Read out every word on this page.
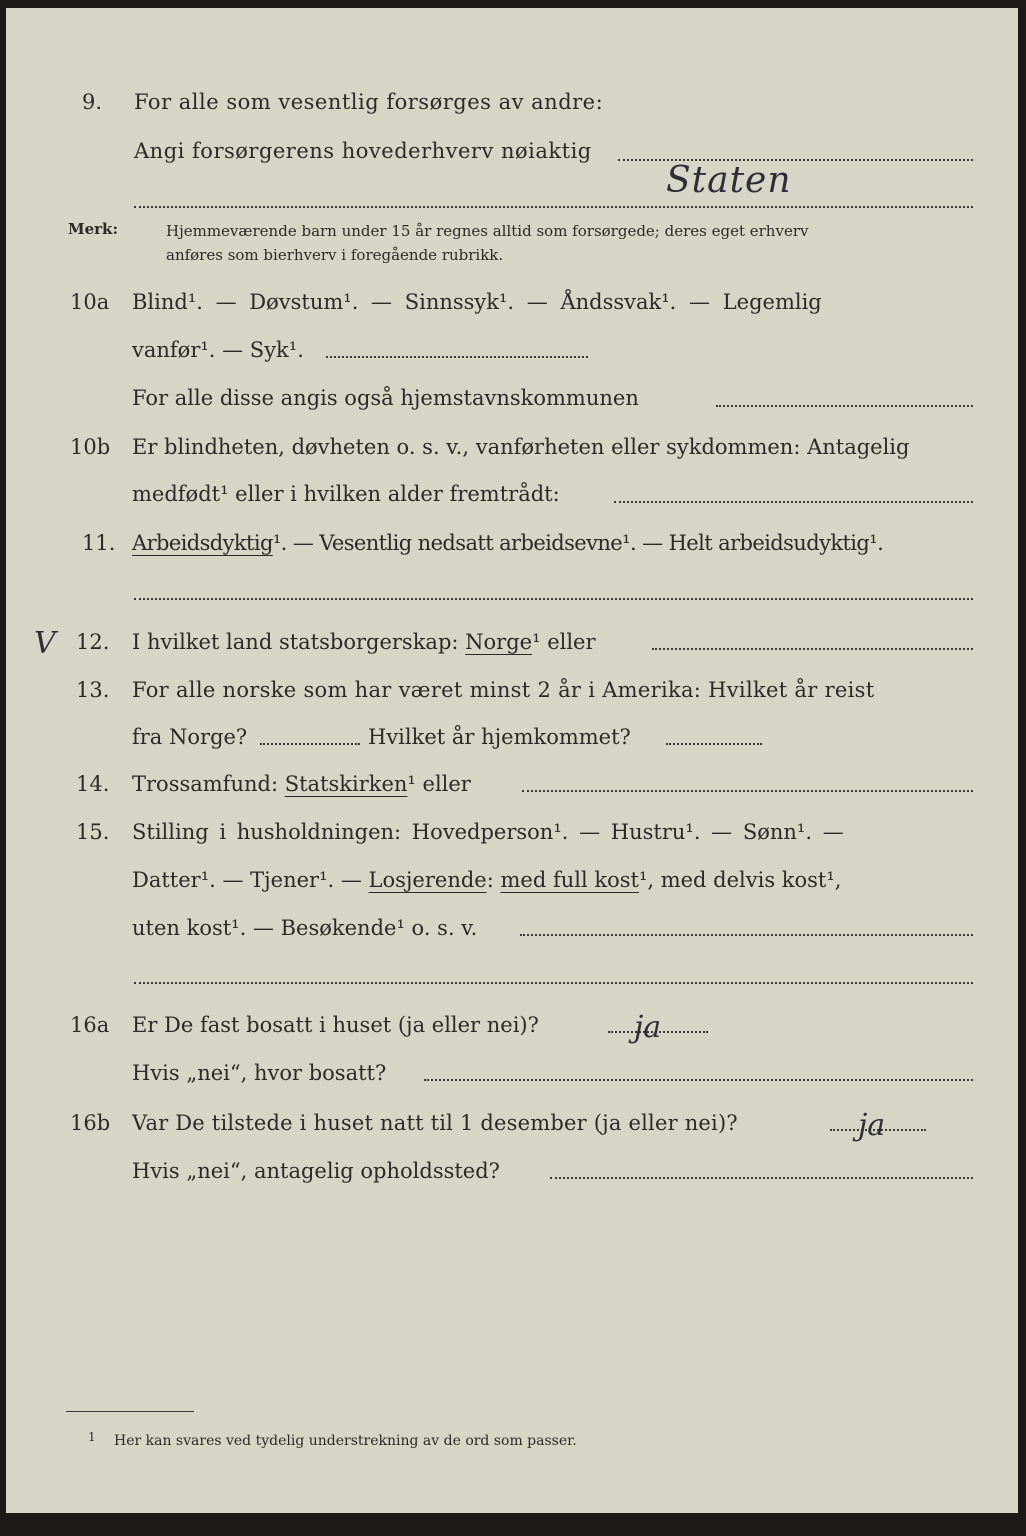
9. For alle som vesentlig forsørges av andre:
Angi forsørgerens hovederhverv nøiaktig
Staten
Merk:	Hjemmeværende barn under 15 år regnes alltid som forsørgede; deres eget erhverv
anføres som bierhverv i foregående rubrikk.
10a Blind¹. — Døvstum¹. — Sinnssyk¹. — Åndssvak¹. — Legemlig
vanfør¹. — Syk¹.
For alle disse angis også hjemstavnskommunen
10b Er blindheten, døvheten o. s. v., vanførheten eller sykdommen: Antagelig
medfødt¹ eller i hvilken alder fremtrådt:
11. Arbeidsdyktig¹. — Vesentlig nedsatt arbeidsevne¹. — Helt arbeidsudyktig¹.
V 12. I hvilket land statsborgerskap: Norge¹ eller
13. For alle norske som har været minst 2 år i Amerika: Hvilket år reist
fra Norge?	Hvilket år hjemkommet?
14. Trossamfund: Statskirken¹ eller
15. Stilling i husholdningen: Hovedperson¹. — Hustru¹. — Sønn¹. —
Datter¹. — Tjener¹. — Losjerende: med full kost¹, med delvis kost¹,
uten kost¹. — Besøkende¹ o. s. v.
16a Er De fast bosatt i huset (ja eller nei)?	ja
Hvis „nei“, hvor bosatt?
16b Var De tilstede i huset natt til 1 desember (ja eller nei)?	ja
Hvis „nei“, antagelig opholdssted?
1 Her kan svares ved tydelig understrekning av de ord som passer.
